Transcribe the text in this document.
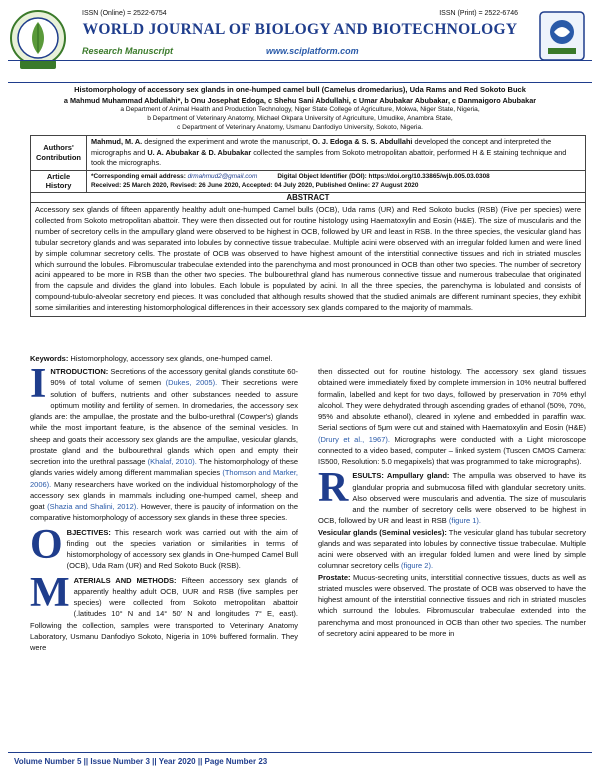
ISSN (Online) = 2522-6754	ISSN (Print) = 2522-6746
WORLD JOURNAL OF BIOLOGY AND BIOTECHNOLOGY
Research Manuscript	www.sciplatform.com
Histomorphology of accessory sex glands in one-humped camel bull (Camelus dromedarius), Uda Rams and Red Sokoto Buck
a Mahmud Muhammad Abdullahi*, b Onu Josephat Edoga, c Shehu Sani Abdullahi, c Umar Abubakar Abubakar, c Danmaigoro Abubakar
a Department of Animal Health and Production Technology, Niger State College of Agriculture, Mokwa, Niger State, Nigeria,
b Department of Veterinary Anatomy, Michael Okpara University of Agriculture, Umudike, Anambra State,
c Department of Veterinary Anatomy, Usmanu Danfodiyo University, Sokoto, Nigeria.
Authors' Contribution	Mahmud, M. A. designed the experiment and wrote the manuscript, O. J. Edoga & S. S. Abdullahi developed the concept and interpreted the micrographs and U. A. Abubakar & D. Abubakar collected the samples from Sokoto metropolitan abattoir, performed H & E staining technique and took the micrographs.
Article History	*Corresponding email address: drmahmud2@gmail.com Digital Object Identifier (DOI): https://doi.org/10.33865/wjb.005.03.0308
Received: 25 March 2020, Revised: 26 June 2020, Accepted: 04 July 2020, Published Online: 27 August 2020

ABSTRACT	
Accessory sex glands of fifteen apparently healthy adult one-humped Camel bulls (OCB), Uda rams (UR) and Red Sokoto bucks (RSB) (Five per species) were collected from Sokoto metropolitan abattoir. They were then dissected out for routine histology using Haematoxylin and Eosin (H&E). The size of muscularis and the number of secretory cells in the ampullary gland were observed to be highest in OCB, followed by UR and least in RSB. In the three species, the vesicular gland has tubular secretory glands and was separated into lobules by connective tissue trabeculae. Multiple acini were observed with an irregular folded lumen and were lined by simple columnar secretory cells. The prostate of OCB was observed to have highest amount of the interstitial connective tissues and rich in striated muscles which surround the lobules. Fibromuscular trabeculae extended into the parenchyma and most pronounced in OCB than other two species. The number of secretory acini appeared to be more in RSB than the other two species. The bulbourethral gland has numerous connective tissue and numerous trabeculae that originated from the capsule and divides the gland into lobules. Each lobule is populated by acini. In all the three species, the parenchyma is lobulated and consists of compound-tubulo-alveolar secretory end pieces. It was concluded that although results showed that the studied animals are different ruminant species, they exhibit some similarities and interesting histomorphological differences in their accessory sex glands compared to the majority of mammals.	
Keywords: Histomorphology, accessory sex glands, one-humped camel.

INTRODUCTION: Secretions of the accessory genital glands constitute 60-90% of total volume of semen (Dukes, 2005). Their secretions were solution of buffers, nutrients and other substances needed to assure optimum motility and fertility of semen. In dromedaries, the accessory sex glands are: the ampullae, the prostate and the bulbo-urethral (Cowper's) glands while the most important feature, is the absence of the seminal vesicles. In sheep and goats their accessory sex glands are the ampullae, vesicular glands, prostate gland and the bulbourethral glands which open and empty their secretion into the urethral passage (Khalaf, 2010). The histomorphology of these glands varies widely among different mammalian species (Thomson and Marker, 2006). Many researchers have worked on the individual histomorphology of the accessory sex glands in mammals including one-humped camel, sheep and goat (Shazia and Shalini, 2012). However, there is paucity of information on the comparative histomorphology of accessory sex glands in these three species.

OBJECTIVES: This research work was carried out with the aim of finding out the species variation or similarities in terms of histomorphology of accessory sex glands in One-humped Camel Bull (OCB), Uda Ram (UR) and Red Sokoto Buck (RSB).

MATERIALS AND METHODS: Fifteen accessory sex glands of apparently healthy adult OCB, UUR and RSB (five samples per species) were collected from Sokoto metropolitan abattoir (.latitudes 10° N and 14° 50' N and longitudes 7° E, east). Following the collection, samples were transported to Veterinary Anatomy Laboratory, Usmanu Danfodiyo Sokoto, Nigeria in 10% buffered formalin. They were

then dissected out for routine histology. The accessory sex gland tissues obtained were immediately fixed by complete immersion in 10% neutral buffered formalin, labelled and kept for two days, followed by preservation in 70% ethyl alcohol. They were dehydrated through ascending grades of ethanol (50%, 70%, 95% and absolute ethanol), cleared in xylene and embedded in paraffin wax. Serial sections of 5μm were cut and stained with Haematoxylin and Eosin (H&E) (Drury et al., 1967). Micrographs were conducted with a Light microscope connected to a video based, computer – linked system (Tuscen CMOS Camera: IS500, Resolution: 5.0 megapixels) that was programmed to take micrographs).

RESULTS: Ampullary gland: The ampulla was observed to have its glandular propria and submucosa filled with glandular secretory units. Also observed were muscularis and adventia. The size of muscularis and the number of secretory cells were observed to be highest in OCB, followed by UR and least in RSB (figure 1).

Vesicular glands (Seminal vesicles): The vesicular gland has tubular secretory glands and was separated into lobules by connective tissue trabeculae. Multiple acini were observed with an irregular folded lumen and were lined by simple columnar secretory cells (figure 2).

Prostate: Mucus-secreting units, interstitial connective tissues, ducts as well as striated muscles were observed. The prostate of OCB was observed to have the highest amount of the interstitial connective tissues and rich in striated muscles which surround the lobules. Fibromuscular trabeculae extended into the parenchyma and most pronounced in OCB than other two species. The number of secretory acini appeared to be more in

Volume Number 5 || Issue Number 3 || Year 2020 || Page Number 23
